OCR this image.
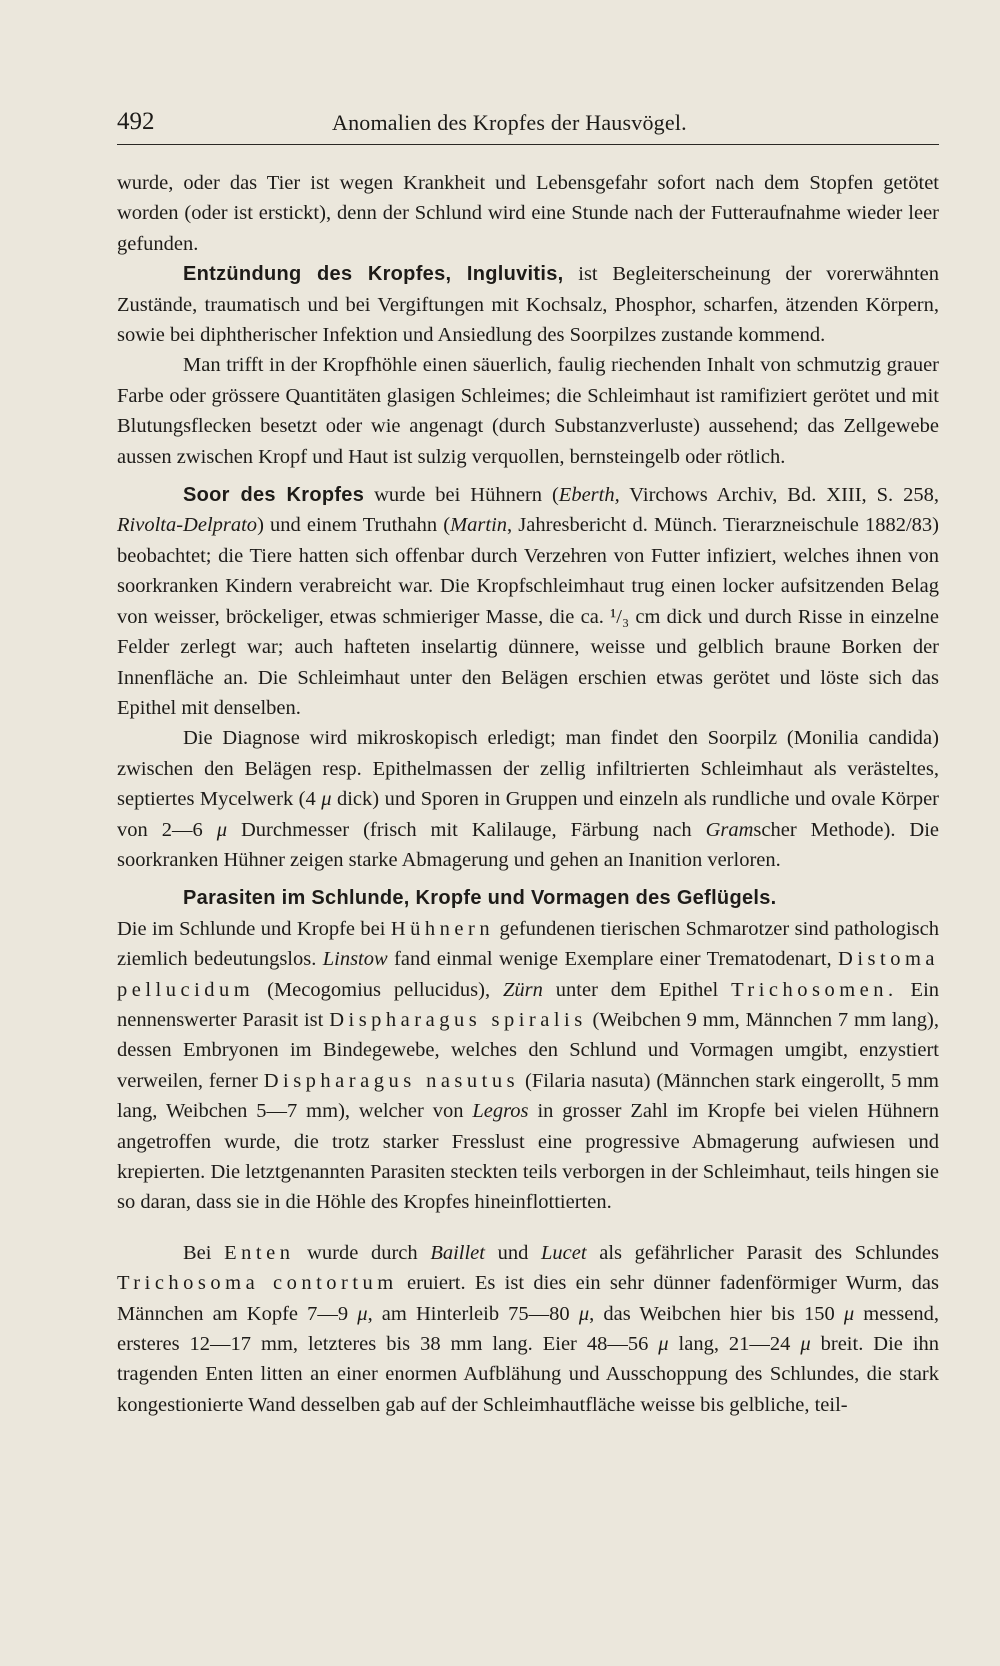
492	Anomalien des Kropfes der Hausvögel.

wurde, oder das Tier ist wegen Krankheit und Lebensgefahr sofort nach dem Stopfen getötet worden (oder ist erstickt), denn der Schlund wird eine Stunde nach der Futteraufnahme wieder leer gefunden.

Entzündung des Kropfes, Ingluvitis, ist Begleiterscheinung der vorerwähnten Zustände, traumatisch und bei Vergiftungen mit Kochsalz, Phosphor, scharfen, ätzenden Körpern, sowie bei diphtherischer Infektion und Ansiedlung des Soorpilzes zustande kommend.

Man trifft in der Kropfhöhle einen säuerlich, faulig riechenden Inhalt von schmutzig grauer Farbe oder grössere Quantitäten glasigen Schleimes; die Schleimhaut ist ramifiziert gerötet und mit Blutungsflecken besetzt oder wie angenagt (durch Substanzverluste) aussehend; das Zellgewebe aussen zwischen Kropf und Haut ist sulzig verquollen, bernsteingelb oder rötlich.

Soor des Kropfes wurde bei Hühnern (Eberth, Virchows Archiv, Bd. XIII, S. 258, Rivolta-Delprato) und einem Truthahn (Martin, Jahresbericht d. Münch. Tierarzneischule 1882/83) beobachtet; die Tiere hatten sich offenbar durch Verzehren von Futter infiziert, welches ihnen von soorkranken Kindern verabreicht war. Die Kropfschleimhaut trug einen locker aufsitzenden Belag von weisser, bröckeliger, etwas schmieriger Masse, die ca. ¹/₃ cm dick und durch Risse in einzelne Felder zerlegt war; auch hafteten inselartig dünnere, weisse und gelblich braune Borken der Innenfläche an. Die Schleimhaut unter den Belägen erschien etwas gerötet und löste sich das Epithel mit denselben.

Die Diagnose wird mikroskopisch erledigt; man findet den Soorpilz (Monilia candida) zwischen den Belägen resp. Epithelmassen der zellig infiltrierten Schleimhaut als verästeltes, septiertes Mycelwerk (4 μ dick) und Sporen in Gruppen und einzeln als rundliche und ovale Körper von 2—6 μ Durchmesser (frisch mit Kalilauge, Färbung nach Gramscher Methode). Die soorkranken Hühner zeigen starke Abmagerung und gehen an Inanition verloren.

Parasiten im Schlunde, Kropfe und Vormagen des Geflügels.

Die im Schlunde und Kropfe bei Hühnern gefundenen tierischen Schmarotzer sind pathologisch ziemlich bedeutungslos. Linstow fand einmal wenige Exemplare einer Trematodenart, Distoma pellucidum (Mecogomius pellucidus), Zürn unter dem Epithel Trichosomen. Ein nennenswerter Parasit ist Dispharagus spiralis (Weibchen 9 mm, Männchen 7 mm lang), dessen Embryonen im Bindegewebe, welches den Schlund und Vormagen umgibt, enzystiert verweilen, ferner Dispharagus nasutus (Filaria nasuta) (Männchen stark eingerollt, 5 mm lang, Weibchen 5—7 mm), welcher von Legros in grosser Zahl im Kropfe bei vielen Hühnern angetroffen wurde, die trotz starker Fresslust eine progressive Abmagerung aufwiesen und krepierten. Die letztgenannten Parasiten steckten teils verborgen in der Schleimhaut, teils hingen sie so daran, dass sie in die Höhle des Kropfes hineinflottierten.

Bei Enten wurde durch Baillet und Lucet als gefährlicher Parasit des Schlundes Trichosoma contortum eruiert. Es ist dies ein sehr dünner fadenförmiger Wurm, das Männchen am Kopfe 7—9 μ, am Hinterleib 75—80 μ, das Weibchen hier bis 150 μ messend, ersteres 12—17 mm, letzteres bis 38 mm lang. Eier 48—56 μ lang, 21—24 μ breit. Die ihn tragenden Enten litten an einer enormen Aufblähung und Ausschoppung des Schlundes, die stark kongestionierte Wand desselben gab auf der Schleimhautfläche weisse bis gelbliche, teil-
